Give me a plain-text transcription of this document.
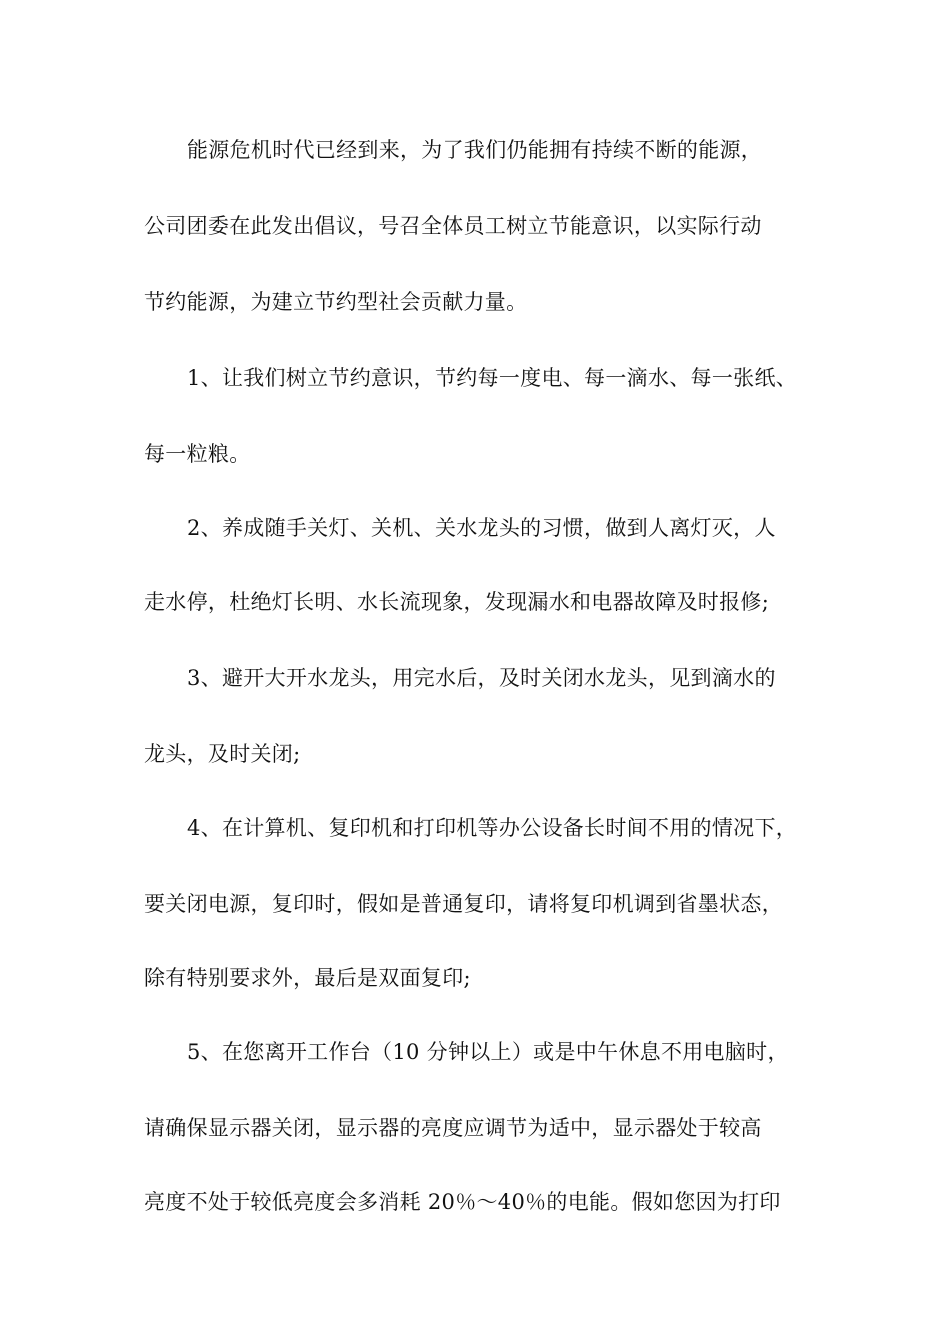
能源危机时代已经到来，为了我们仍能拥有持续不断的能源，
公司团委在此发出倡议，号召全体员工树立节能意识，以实际行动
节约能源，为建立节约型社会贡献力量。
1、让我们树立节约意识，节约每一度电、每一滴水、每一张纸、
每一粒粮。
2、养成随手关灯、关机、关水龙头的习惯，做到人离灯灭，人
走水停，杜绝灯长明、水长流现象，发现漏水和电器故障及时报修;
3、避开大开水龙头，用完水后，及时关闭水龙头，见到滴水的
龙头，及时关闭;
4、在计算机、复印机和打印机等办公设备长时间不用的情况下，
要关闭电源，复印时，假如是普通复印，请将复印机调到省墨状态，
除有特别要求外，最后是双面复印;
5、在您离开工作台（10 分钟以上）或是中午休息不用电脑时，
请确保显示器关闭，显示器的亮度应调节为适中，显示器处于较高
亮度不处于较低亮度会多消耗 20％～40％的电能。假如您因为打印
